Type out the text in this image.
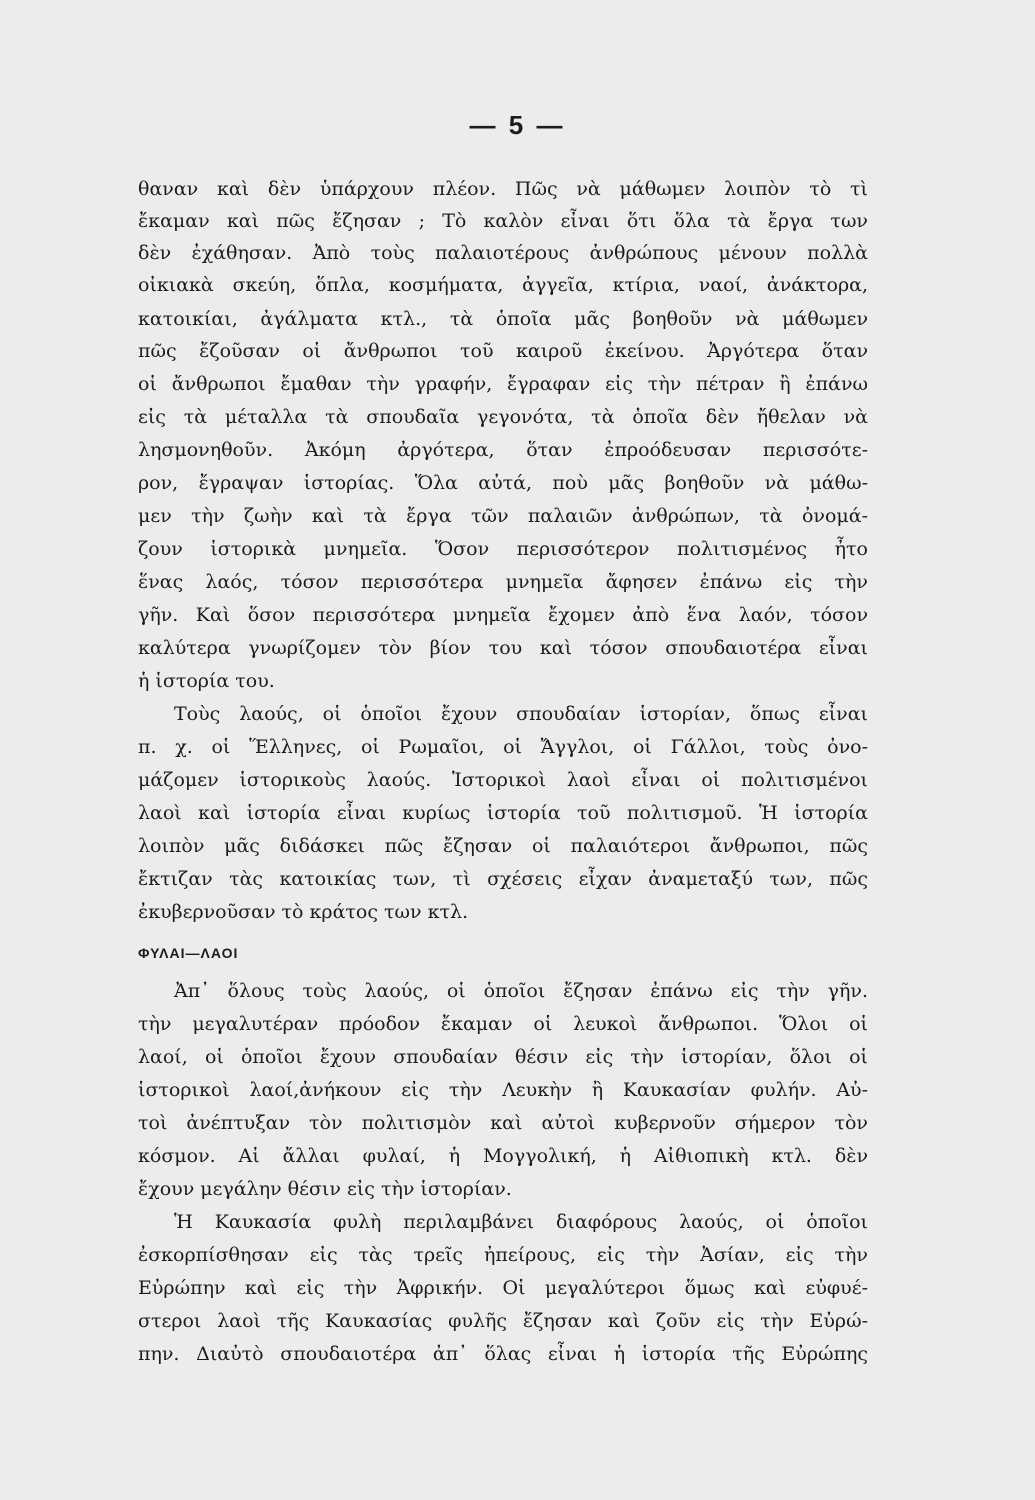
— 5 —
θαναν καὶ δὲν ὑπάρχουν πλέον. Πῶς νὰ μάθωμεν λοιπὸν τὸ τὶ
ἔκαμαν καὶ πῶς ἔζησαν ; Τὸ καλὸν εἶναι ὅτι ὅλα τὰ ἔργα των
δὲν ἐχάθησαν. Ἀπὸ τοὺς παλαιοτέρους ἀνθρώπους μένουν πολλὰ
οἰκιακὰ σκεύη, ὅπλα, κοσμήματα, ἀγγεῖα, κτίρια, ναοί, ἀνάκτορα,
κατοικίαι, ἀγάλματα κτλ., τὰ ὁποῖα μᾶς βοηθοῦν νὰ μάθωμεν
πῶς ἔζοῦσαν οἱ ἄνθρωποι τοῦ καιροῦ ἐκείνου. Ἀργότερα ὅταν
οἱ ἄνθρωποι ἔμαθαν τὴν γραφήν, ἔγραφαν εἰς τὴν πέτραν ἢ ἐπάνω
εἰς τὰ μέταλλα τὰ σπουδαῖα γεγονότα, τὰ ὁποῖα δὲν ἤθελαν νὰ
λησμονηθοῦν. Ἀκόμη ἀργότερα, ὅταν ἐπροόδευσαν περισσότε-
ρον, ἔγραψαν ἱστορίας. Ὅλα αὐτά, ποὺ μᾶς βοηθοῦν νὰ μάθω-
μεν τὴν ζωὴν καὶ τὰ ἔργα τῶν παλαιῶν ἀνθρώπων, τὰ ὀνομά-
ζουν ἱστορικὰ μνημεῖα. Ὅσον περισσότερον πολιτισμένος ἦτο
ἕνας λαός, τόσον περισσότερα μνημεῖα ἄφησεν ἐπάνω εἰς τὴν
γῆν. Καὶ ὅσον περισσότερα μνημεῖα ἔχομεν ἀπὸ ἕνα λαόν, τόσον
καλύτερα γνωρίζομεν τὸν βίον του καὶ τόσον σπουδαιοτέρα εἶναι
ἡ ἱστορία του.
Τοὺς λαούς, οἱ ὁποῖοι ἔχουν σπουδαίαν ἱστορίαν, ὅπως εἶναι
π. χ. οἱ Ἕλληνες, οἱ Ρωμαῖοι, οἱ Ἄγγλοι, οἱ Γάλλοι, τοὺς ὀνο-
μάζομεν ἱστορικοὺς λαούς. Ἱστορικοὶ λαοὶ εἶναι οἱ πολιτισμένοι
λαοὶ καὶ ἱστορία εἶναι κυρίως ἱστορία τοῦ πολιτισμοῦ. Ἡ ἱστορία
λοιπὸν μᾶς διδάσκει πῶς ἔζησαν οἱ παλαιότεροι ἄνθρωποι, πῶς
ἔκτιζαν τὰς κατοικίας των, τὶ σχέσεις εἶχαν ἀναμεταξύ των, πῶς
ἐκυβερνοῦσαν τὸ κράτος των κτλ.
ΦΥΛΑΙ—ΛΑΟΙ
Ἀπ᾽ ὅλους τοὺς λαούς, οἱ ὁποῖοι ἔζησαν ἐπάνω εἰς τὴν γῆν.
τὴν μεγαλυτέραν πρόοδον ἔκαμαν οἱ λευκοὶ ἄνθρωποι. Ὅλοι οἱ
λαοί, οἱ ὁποῖοι ἔχουν σπουδαίαν θέσιν εἰς τὴν ἱστορίαν, ὅλοι οἱ
ἱστορικοὶ λαοί,ἀνήκουν εἰς τὴν Λευκὴν ἢ Καυκασίαν φυλήν. Αὐ-
τοὶ ἀνέπτυξαν τὸν πολιτισμὸν καὶ αὐτοὶ κυβερνοῦν σήμερον τὸν
κόσμον. Αἱ ἄλλαι φυλαί, ἡ Μογγολική, ἡ Αἰθιοπικὴ κτλ. δὲν
ἔχουν μεγάλην θέσιν εἰς τὴν ἱστορίαν.
Ἡ Καυκασία φυλὴ περιλαμβάνει διαφόρους λαούς, οἱ ὁποῖοι
ἐσκορπίσθησαν εἰς τὰς τρεῖς ἠπείρους, εἰς τὴν Ἀσίαν, εἰς τὴν
Εὐρώπην καὶ εἰς τὴν Ἀφρικήν. Οἱ μεγαλύτεροι ὅμως καὶ εὐφυέ-
στεροι λαοὶ τῆς Καυκασίας φυλῆς ἔζησαν καὶ ζοῦν εἰς τὴν Εὐρώ-
πην. Διαὐτὸ σπουδαιοτέρα ἀπ᾽ ὅλας εἶναι ἡ ἱστορία τῆς Εὐρώπης
